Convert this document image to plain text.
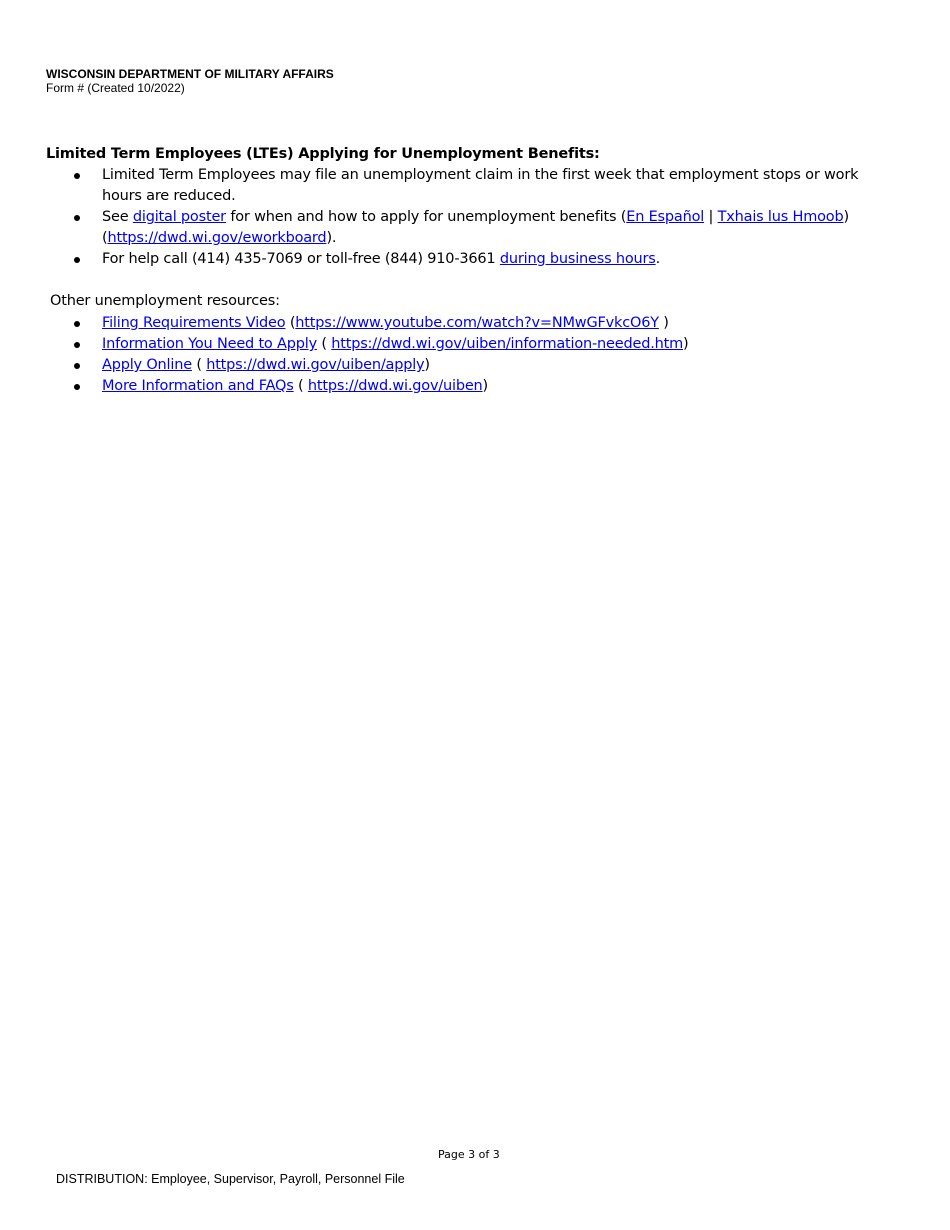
WISCONSIN DEPARTMENT OF MILITARY AFFAIRS
Form # (Created 10/2022)
Limited Term Employees (LTEs) Applying for Unemployment Benefits:
Limited Term Employees may file an unemployment claim in the first week that employment stops or work hours are reduced.
See digital poster for when and how to apply for unemployment benefits (En Español | Txhais lus Hmoob)
(https://dwd.wi.gov/eworkboard).
For help call (414) 435-7069 or toll-free (844) 910-3661 during business hours.
Other unemployment resources:
Filing Requirements Video (https://www.youtube.com/watch?v=NMwGFvkcO6Y )
Information You Need to Apply ( https://dwd.wi.gov/uiben/information-needed.htm)
Apply Online ( https://dwd.wi.gov/uiben/apply)
More Information and FAQs ( https://dwd.wi.gov/uiben)
Page 3 of 3
DISTRIBUTION: Employee, Supervisor, Payroll, Personnel File
